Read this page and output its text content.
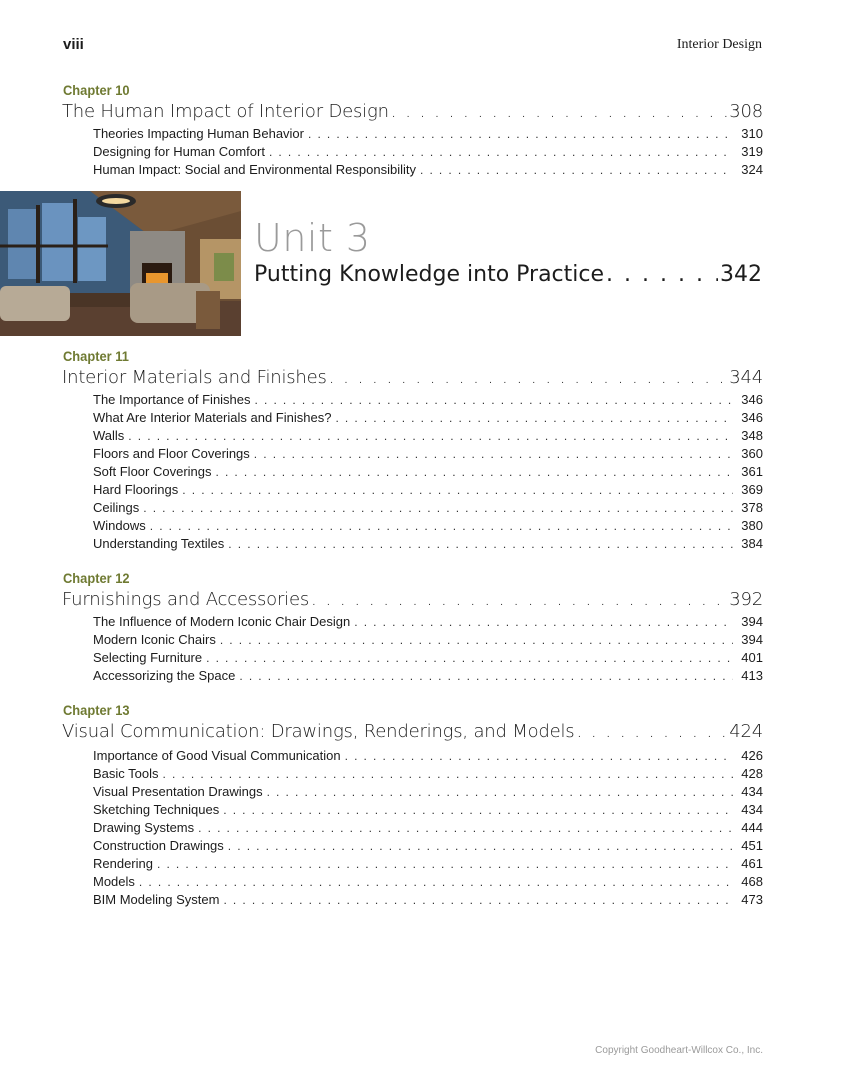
viii	Interior Design
Chapter 10
The Human Impact of Interior Design . . .	308
Theories Impacting Human Behavior . . .	310
Designing for Human Comfort . . .	319
Human Impact: Social and Environmental Responsibility . . .	324
Unit 3
Putting Knowledge into Practice . . .	342
Chapter 11
Interior Materials and Finishes . . .	344
The Importance of Finishes . . .	346
What Are Interior Materials and Finishes? . . .	346
Walls . . .	348
Floors and Floor Coverings . . .	360
Soft Floor Coverings . . .	361
Hard Floorings . . .	369
Ceilings . . .	378
Windows . . .	380
Understanding Textiles . . .	384
Chapter 12
Furnishings and Accessories . . .	392
The Influence of Modern Iconic Chair Design . . .	394
Modern Iconic Chairs . . .	394
Selecting Furniture . . .	401
Accessorizing the Space . . .	413
Chapter 13
Visual Communication: Drawings, Renderings, and Models . . .	424
Importance of Good Visual Communication . . .	426
Basic Tools . . .	428
Visual Presentation Drawings . . .	434
Sketching Techniques . . .	434
Drawing Systems . . .	444
Construction Drawings . . .	451
Rendering . . .	461
Models . . .	468
BIM Modeling System . . .	473
Copyright Goodheart-Willcox Co., Inc.
